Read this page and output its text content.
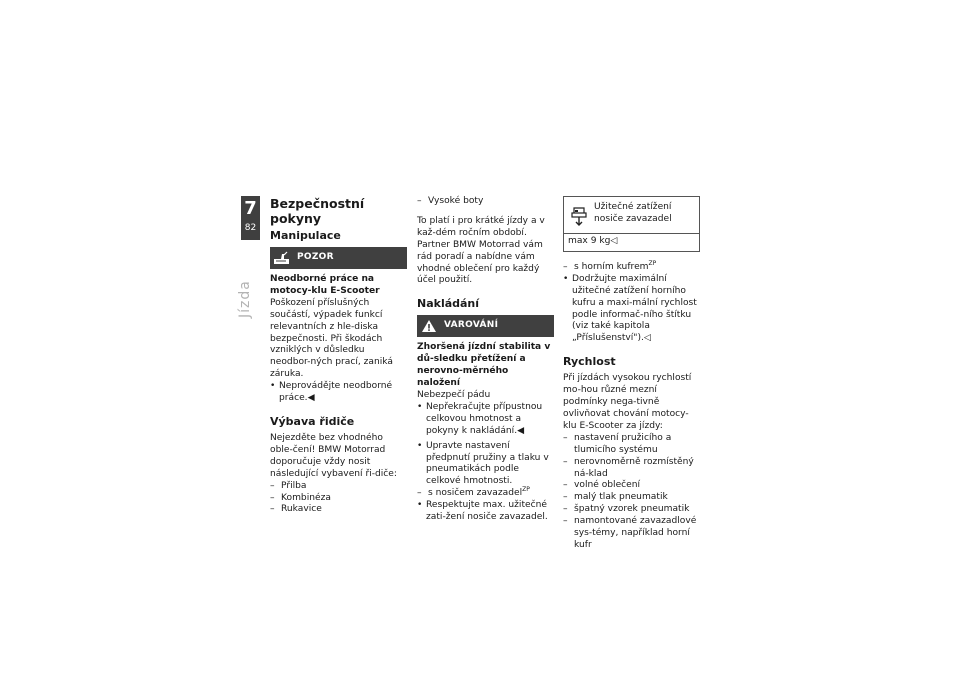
7
82
Jízda
Bezpečnostní pokyny
Manipulace
POZOR

Neodborné práce na motocy-klu E-Scooter

Poškození příslušných součástí, výpadek funkcí relevantních z hle-diska bezpečnosti. Při škodách vzniklých v důsledku neodbor-ných prací, zaniká záruka.

• Neprovádějte neodborné práce.◀
Výbava řidiče

Nejezděte bez vhodného oble-čení! BMW Motorrad doporučuje vždy nosit následující vybavení ři-diče:

– Přilba
– Kombinéza
– Rukavice
– Vysoké boty

To platí i pro krátké jízdy a v kaž-dém ročním období. Partner BMW Motorrad vám rád poradí a nabídne vám vhodné oblečení pro každý účel použití.

Nakládání
VAROVÁNÍ

Zhoršená jízdní stabilita v dů-sledku přetížení a nerovno-měrného naložení

Nebezpečí pádu

• Nepřekračujte přípustnou celkovou hmotnost a pokyny k nakládání.◀
• Upravte nastavení předpnutí pružiny a tlaku v pneumatikách podle celkové hmotnosti.
– s nosičem zavazadel$^{ZP}$
• Respektujte max. užitečné zati-žení nosiče zavazadel.
Užitečné zatížení nosiče zavazadel
max 9 kg◁
– s horním kufrem$^{ZP}$
• Dodržujte maximální užitečné zatížení horního kufru a maxi-mální rychlost podle informač-ního štítku (viz také kapitola „Příslušenství").◁
Rychlost

Při jízdách vysokou rychlostí mo-hou různé mezní podmínky nega-tivně ovlivňovat chování motocy-klu E-Scooter za jízdy:

– nastavení pružicího a tlumicího systému
– nerovnoměrně rozmístěný ná-klad
– volné oblečení
– malý tlak pneumatik
– špatný vzorek pneumatik
– namontované zavazadlové sys-témy, například horní kufr
